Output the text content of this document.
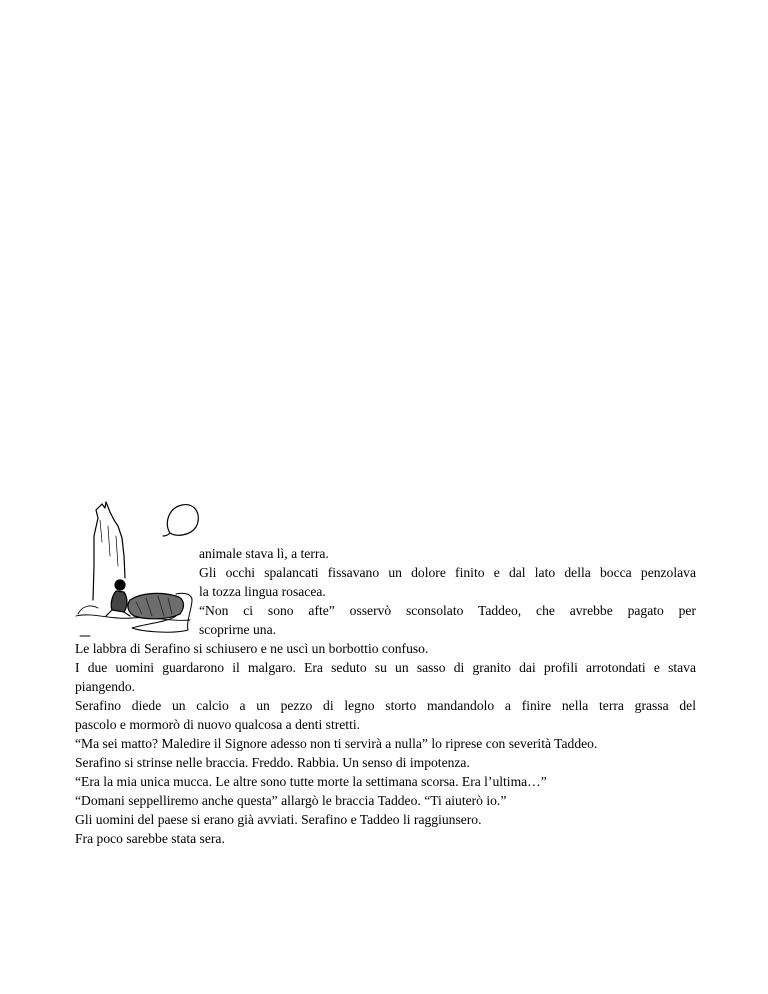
animale stava lì, a terra.
Gli occhi spalancati fissavano un dolore finito e dal lato della bocca penzolava
la tozza lingua rosacea.
“Non ci sono afte” osservò sconsolato Taddeo, che avrebbe pagato per
scoprirne una.
Le labbra di Serafino si schiusero e ne uscì un borbottio confuso.
I due uomini guardarono il malgaro. Era seduto su un sasso di granito dai profili arrotondati e stava
piangendo.
Serafino diede un calcio a un pezzo di legno storto mandandolo a finire nella terra grassa del
pascolo e mormorò di nuovo qualcosa a denti stretti.
“Ma sei matto? Maledire il Signore adesso non ti servirà a nulla” lo riprese con severità Taddeo.
Serafino si strinse nelle braccia. Freddo. Rabbia. Un senso di impotenza.
“Era la mia unica mucca. Le altre sono tutte morte la settimana scorsa. Era l’ultima…”
“Domani seppelliremo anche questa” allargò le braccia Taddeo. “Ti aiuterò io.”
Gli uomini del paese si erano già avviati. Serafino e Taddeo li raggiunsero.
Fra poco sarebbe stata sera.
